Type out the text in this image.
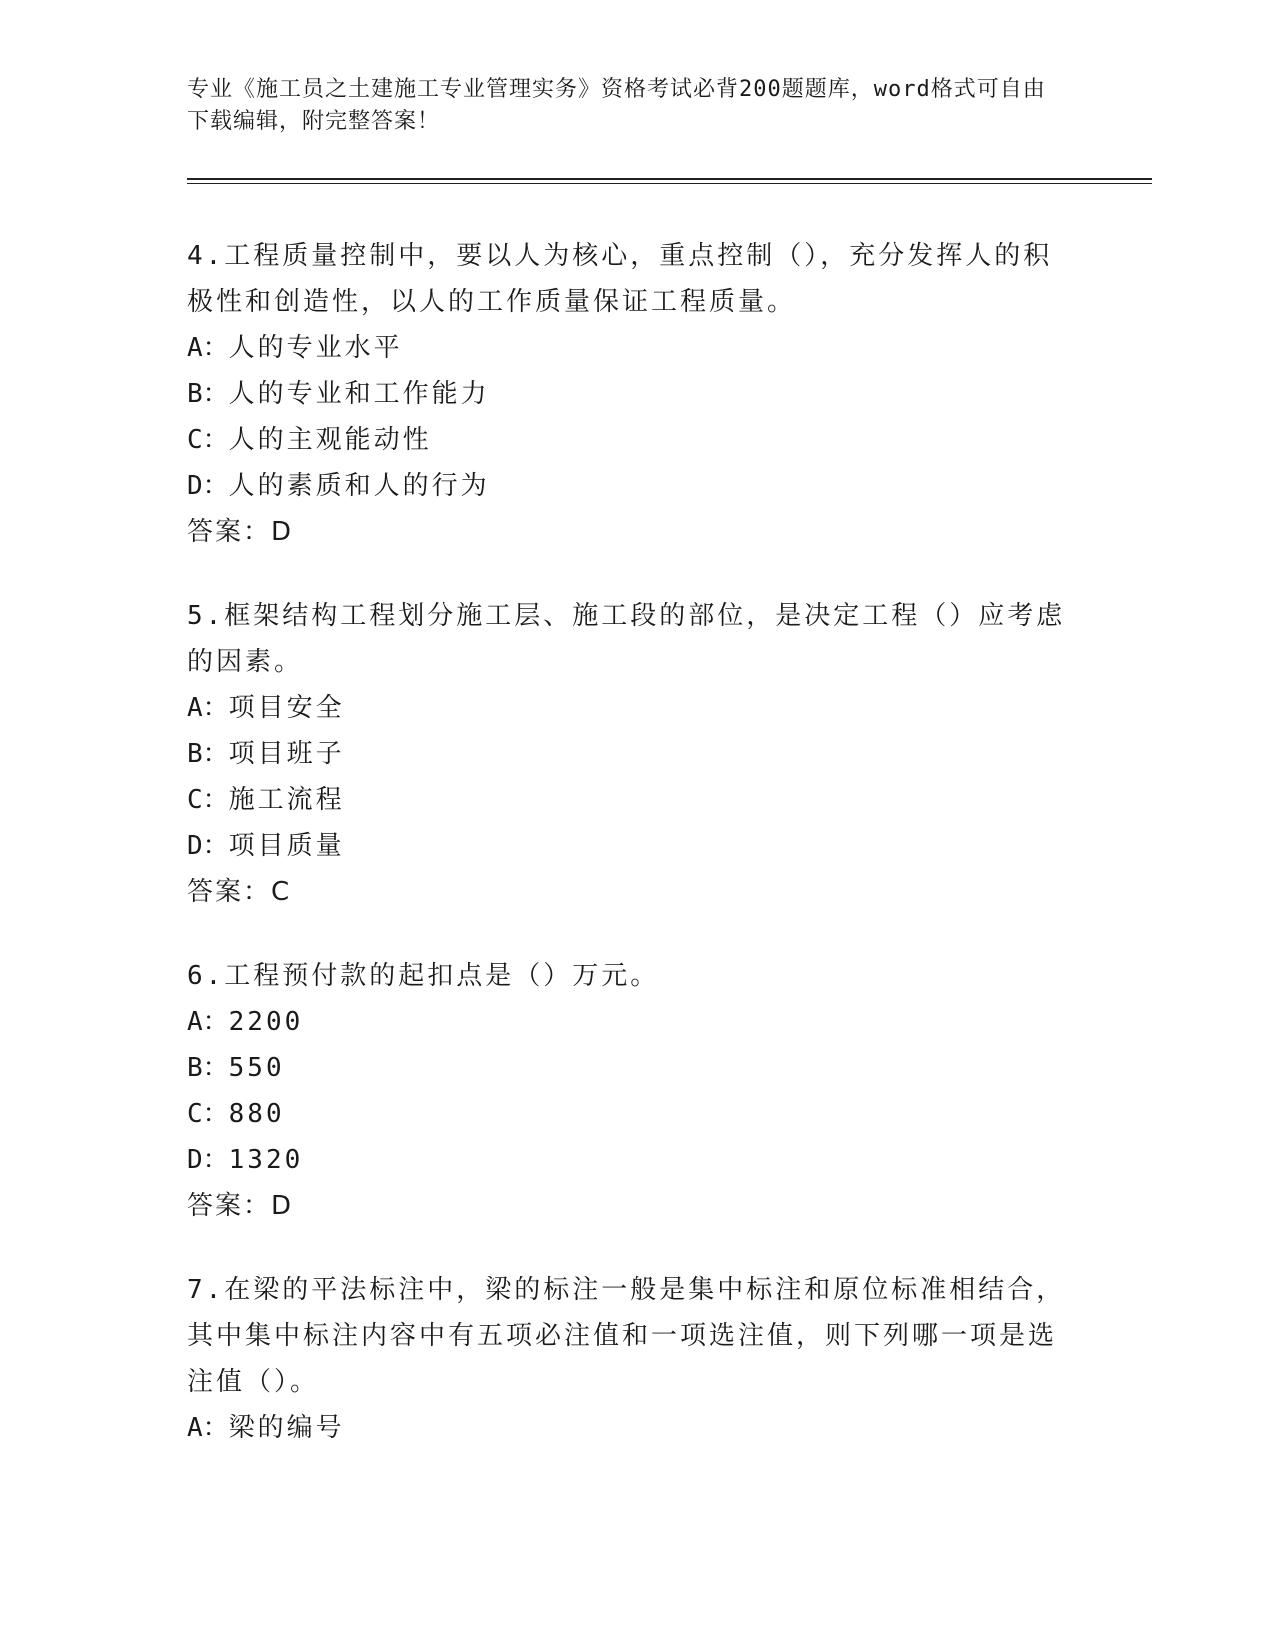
专业《施工员之土建施工专业管理实务》资格考试必背200题题库，word格式可自由下载编辑，附完整答案！
4.工程质量控制中，要以人为核心，重点控制（），充分发挥人的积极性和创造性，以人的工作质量保证工程质量。
A：人的专业水平
B：人的专业和工作能力
C：人的主观能动性
D：人的素质和人的行为
答案：D
5.框架结构工程划分施工层、施工段的部位，是决定工程（）应考虑的因素。
A：项目安全
B：项目班子
C：施工流程
D：项目质量
答案：C
6.工程预付款的起扣点是（）万元。
A：2200
B：550
C：880
D：1320
答案：D
7.在梁的平法标注中，梁的标注一般是集中标注和原位标准相结合，其中集中标注内容中有五项必注值和一项选注值，则下列哪一项是选注值（）。
A：梁的编号
